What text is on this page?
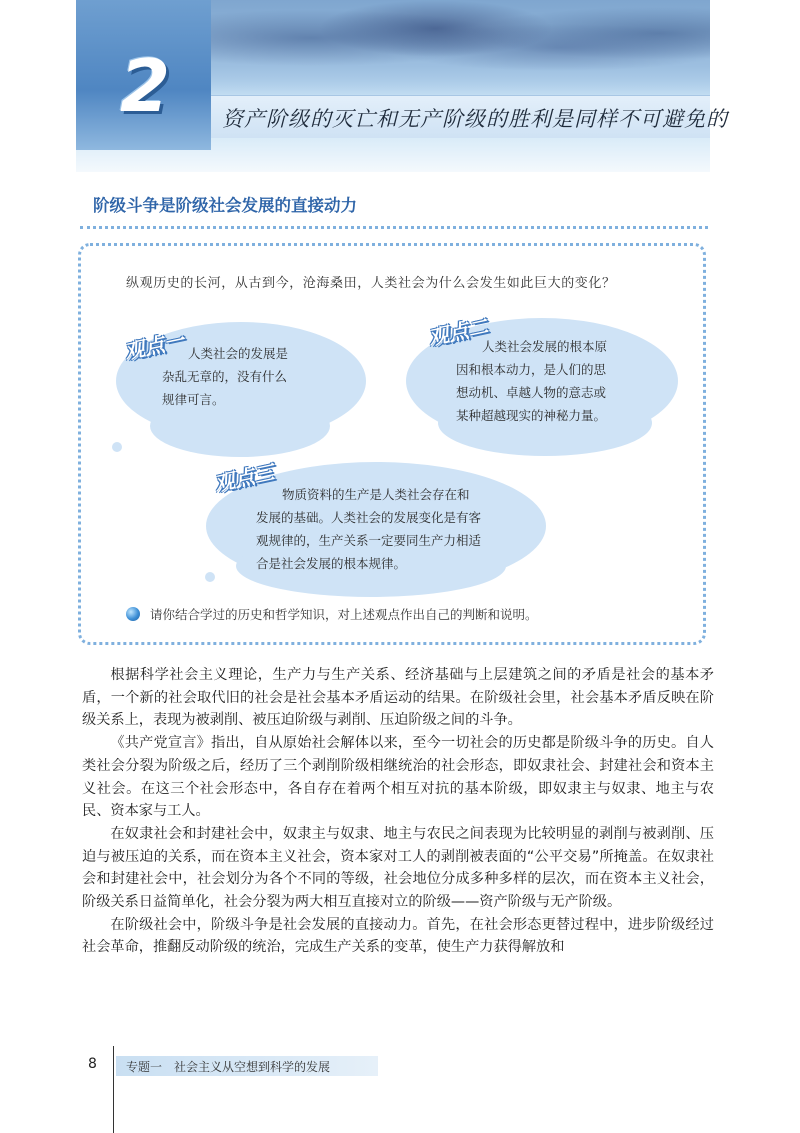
2	资产阶级的灭亡和无产阶级的胜利是同样不可避免的
阶级斗争是阶级社会发展的直接动力
纵观历史的长河，从古到今，沧海桑田，人类社会为什么会发生如此巨大的变化？
观点一 人类社会的发展是
杂乱无章的，没有什么
规律可言。
观点二
人类社会发展的根本原
因和根本动力，是人们的思
想动机、卓越人物的意志或
某种超越现实的神秘力量。
观点三 物质资料的生产是人类社会存在和
发展的基础。人类社会的发展变化是有客
观规律的，生产关系一定要同生产力相适
合是社会发展的根本规律。
请你结合学过的历史和哲学知识，对上述观点作出自己的判断和说明。

根据科学社会主义理论，生产力与生产关系、经济基础与上层建筑之间的矛盾是社会的基本矛盾，一个新的社会取代旧的社会是社会基本矛盾运动的结果。在阶级社会里，社会基本矛盾反映在阶级关系上，表现为被剥削、被压迫阶级与剥削、压迫阶级之间的斗争。

《共产党宣言》指出，自从原始社会解体以来，至今一切社会的历史都是阶级斗争的历史。自人类社会分裂为阶级之后，经历了三个剥削阶级相继统治的社会形态，即奴隶社会、封建社会和资本主义社会。在这三个社会形态中，各自存在着两个相互对抗的基本阶级，即奴隶主与奴隶、地主与农民、资本家与工人。

在奴隶社会和封建社会中，奴隶主与奴隶、地主与农民之间表现为比较明显的剥削与被剥削、压迫与被压迫的关系，而在资本主义社会，资本家对工人的剥削被表面的“公平交易”所掩盖。在奴隶社会和封建社会中，社会划分为各个不同的等级，社会地位分成多种多样的层次，而在资本主义社会，阶级关系日益简单化，社会分裂为两大相互直接对立的阶级——资产阶级与无产阶级。

在阶级社会中，阶级斗争是社会发展的直接动力。首先，在社会形态更替过程中，进步阶级经过社会革命，推翻反动阶级的统治，完成生产关系的变革，使生产力获得解放和

8 专题一　社会主义从空想到科学的发展
